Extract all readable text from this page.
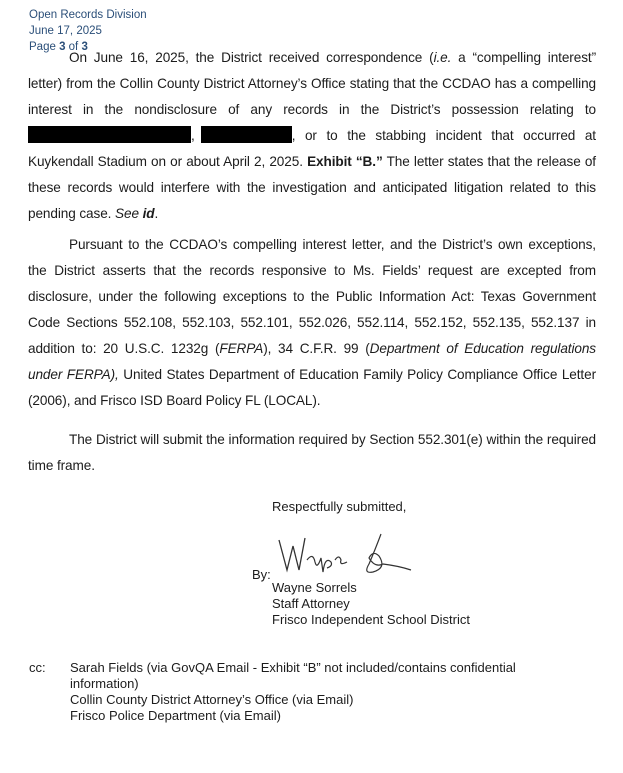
Open Records Division
June 17, 2025
Page 3 of 3
On June 16, 2025, the District received correspondence (i.e. a “compelling interest” letter) from the Collin County District Attorney’s Office stating that the CCDAO has a compelling interest in the nondisclosure of any records in the District’s possession relating to ,	, or to the stabbing incident that occurred at Kuykendall Stadium on or about April 2, 2025. Exhibit “B.” The letter states that the release of these records would interfere with the investigation and anticipated litigation related to this pending case. See id.
Pursuant to the CCDAO’s compelling interest letter, and the District’s own exceptions, the District asserts that the records responsive to Ms. Fields’ request are excepted from disclosure, under the following exceptions to the Public Information Act: Texas Government Code Sections 552.108, 552.103, 552.101, 552.026, 552.114, 552.152, 552.135, 552.137 in addition to: 20 U.S.C. 1232g (FERPA), 34 C.F.R. 99 (Department of Education regulations under FERPA), United States Department of Education Family Policy Compliance Office Letter (2006), and Frisco ISD Board Policy FL (LOCAL).
The District will submit the information required by Section 552.301(e) within the required time frame.
Respectfully submitted,
By:
Wayne Sorrels
Staff Attorney
Frisco Independent School District
cc: Sarah Fields (via GovQA Email - Exhibit “B” not included/contains confidential information)
Collin County District Attorney’s Office (via Email)
Frisco Police Department (via Email)
